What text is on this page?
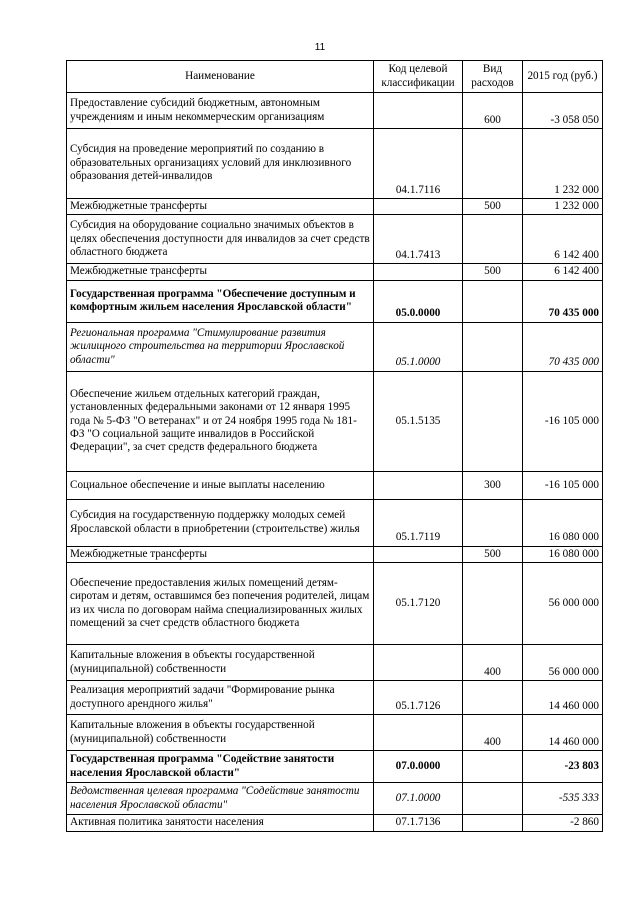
11
Наименование	Код целевой классификации	Вид расходов	2015 год (руб.)
Предоставление субсидий бюджетным, автономным учреждениям и иным некоммерческим организациям		600	-3 058 050
Субсидия на проведение мероприятий по созданию в образовательных организациях условий для инклюзивного образования детей-инвалидов	04.1.7116		1 232 000
Межбюджетные трансферты		500	1 232 000
Субсидия на оборудование социально значимых объектов в целях обеспечения доступности для инвалидов за счет средств областного бюджета	04.1.7413		6 142 400
Межбюджетные трансферты		500	6 142 400
Государственная программа "Обеспечение доступным и комфортным жильем населения Ярославской области"	05.0.0000		70 435 000
Региональная программа "Стимулирование развития жилищного строительства на территории Ярославской области"	05.1.0000		70 435 000
Обеспечение жильем отдельных категорий граждан, установленных федеральными законами от 12 января 1995 года № 5-ФЗ "О ветеранах" и от 24 ноября 1995 года № 181-ФЗ "О социальной защите инвалидов в Российской Федерации", за счет средств федерального бюджета	05.1.5135		-16 105 000
Социальное обеспечение и иные выплаты населению		300	-16 105 000
Субсидия на государственную поддержку молодых семей Ярославской области в приобретении (строительстве) жилья	05.1.7119		16 080 000
Межбюджетные трансферты		500	16 080 000
Обеспечение предоставления жилых помещений детям-сиротам и детям, оставшимся без попечения родителей, лицам из их числа по договорам найма специализированных жилых помещений за счет средств областного бюджета	05.1.7120		56 000 000
Капитальные вложения в объекты государственной (муниципальной) собственности		400	56 000 000
Реализация мероприятий задачи "Формирование рынка доступного арендного жилья"	05.1.7126		14 460 000
Капитальные вложения в объекты государственной (муниципальной) собственности		400	14 460 000
Государственная программа "Содействие занятости населения Ярославской области"	07.0.0000		-23 803
Ведомственная целевая программа "Содействие занятости населения Ярославской области"	07.1.0000		-535 333
Активная политика занятости населения	07.1.7136		-2 860
